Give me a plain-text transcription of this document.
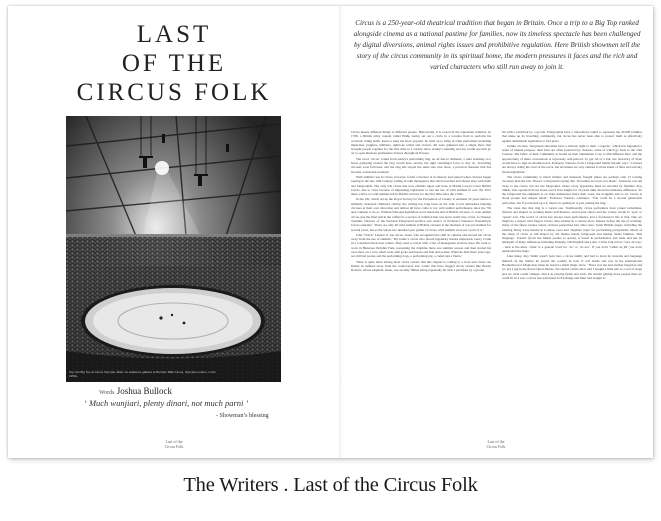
LAST
OF THE
CIRCUS FOLK
Top: the Big Top at Circus Olympia. Main: An audience gathers at Bertram Mills Circus, Olympia London, in the 1950s.
Words Joshua Bullock
‘ Much wunjiari, plenty dinari, not much parni ’
- Showman’s blessing
Last of the
Circus Folk
Circus is a 250-year-old theatrical tradition that began in Britain. Once a trip to a Big Top ranked alongside cinema as a national pastime for families, now its timeless spectacle has been challenged by digital diversions, animal rights issues and prohibitive regulation. Here British showmen tell the story of the circus community in its spiritual home, the modern pressures it faces and the rich and varied characters who still run away to join it.

Circus means different things to different people. Historically, it is rooted in the equestrian tradition. In 1768, a British army captain called Philip Astley set out a circle in a London field to perform his acrobatic riding skills. Keen to keep his show popular, he went on to bring in other performers including musicians, jugglers, tumblers, tightrope artists and clowns. All were gathered into a single show that brought people together for the first time in a variety show. Astley's stunning success would see him go on to open nineteen permanent circuses throughout Europe.

The word ‘circus’ comes from Astley's performing ring. At 42 feet in diameter, a rider standing on a horse galloping around the ring would have exactly the right centrifugal force to stay on. Travelling circuses soon followed, and the ring has stayed the same size ever since, a practical measure that has become a universal standard.

Wild animals’ use in circus, however, forms a fraction of its history and started when circuses began touring in the late 19th Century, falling in with menageries that often travelled and shared sites with them and fairgrounds. The only UK circus that now exhibits tigers and lions is Martin Lacey's Great British Circus, due to close because of impending legislation to ban the use of wild animals in acts. By 2015 there will be no wild animals left in British circuses for the first time since the 1700s.

In the UK, which set up the Royal Society for the Prevention of Cruelty to Animals 50 years before a similarly chartered children's charity, the writing has long been on the wall. Local authorities banning circuses at their own discretion and almost all have come to bar wild animal performance since the 70s and continue to do so. Without National legislation won't mean the end of British circuses, or even animal circus, just the final nail in the coffin for a section of tradition that was never really true circus, as Vanessa Toulmin, Director of the National Fairground Archive and creator of Professor Vanessa's Wonderbyte Circus explains: ‘There are only 40 wild animals in British circuses at the moment. It was proclaimed for several years, but as the whole two hundred year gamut of circus, wild animals were not a part of it.’

John ‘Norris’ Lennon is one circus owner who recognised the shift in opinion and moved his circus away from the use of animals: ‘My father’s circus who placed legendary theatre impresario Gerry Cottle in a Canadian black bear winter. They used to travel with a fair of menageries in those days. He went to work in Battersea Dolphin Park, presenting the dolphins there one summer season and then started his own show on a very small scale with goats and horses and fish and ponies. When he died there years ago, we still had ponies and the performing dogs, a performing pig, a camel and a llama.’

There is quite relief among most circus owners that this chapter is coming to a close and circus can finally be defined away from the controversy and ‘cattle’ that have dogged circus owners like Bobby Roberts, whose elephant, Anne, was secretly filmed being repeatedly hit with a pitchfork by a groom.

hit with a pitchfork by a groom. Fairgrounds have a Showmen's Guild to represent the 20,000 families that make up its travelling community, but circus has never been able to protect itself as effectively against detrimental legislation or bad press.

Unlike circuses, fairground showmen have a historic right to their ‘cosgerie’, which has ingrained a sense of mutual purpose: their fairs are often protected by charters, some of which go back to the 13th Century. The fabric of their community is bound on their entitlement to up to 200 different fairs, and the apportioning of these concessions is rigorously self-policed. To get rid of a fair, the Secretary of State would have to sign an Abolition Act. Professor Vanessa, from a fairground family herself, says: ‘Circuses are always riding the crest of the wave, but showmen are very attuned to those kinds of tides and actively check legislation.’

The circus community is much smaller and intensely fraught (there are perhaps only 15 touring circuses) than the fair. There's a fairground saying that ‘showmen are born, not made’. Someone can run away to the circus, but not the fairground, where every apprentice must be enrolled by families. Roy Smith, who operated Circus Gatos out of East Anglia for 19 years talks about the immense difference: ‘In the fairground the emphasis is on rides themselves that's their work, the dodgems and so on. Circus is about people and unique talent.’ Professor Vanessa continues: ‘You could be a second generation performer, but if you haven't got it, there's no getting in or just joining the ring.’

The route into that ring is a varied one. Traditionally, circus performers have joined comedians, dancers and singers in working music hall theatres, end-of-pier shows and the variety circuit in ‘spot’ or ‘speak’ acts. The world of circus has always been performance and a forebearer's life at that. One act might do a season with Zippos Circus, then another in a variety show. Indeed, before the rise of working, many of the finest venues where circuses performed had other uses. Some British stages, including the existing Drury Lane theatre in London, even had ‘elephant traps’ for performing pachyderms. Much of the slang of circus is still shared by old theatre hands, fairground and market trades families. This language, ‘Parlari’ (from the Italian parlare to speak), is based in performance and trade and has an amalgam of many influences including Romany, Old English and Latin. Circus folk tell us ‘very de rosy’ – luck at the mun, ‘omie’ is a general word for ‘no’ or ‘do not’. If you don't ‘rabbit da jill’ you don't understand the lingo.

Like many, Roy Smith wasn't born into a circus family and had to learn its customs and language himself. In the Sixties he toured the country in rock 'n' roll bands and was in the International Brotherhood of Magicians when he started a small magic show. ‘There was me and another magician and we got a gig in the Royal Opera House. We started a little show and I bought a little tent as a sort of stage and we went round villages. Did it in playing fields and such. We started getting more people than we could fit in. I saw a circus tent advertised in Exchange and Mart and bought it.’

Last of the
Circus Folk
The Writers . Last of the Circus Folk
